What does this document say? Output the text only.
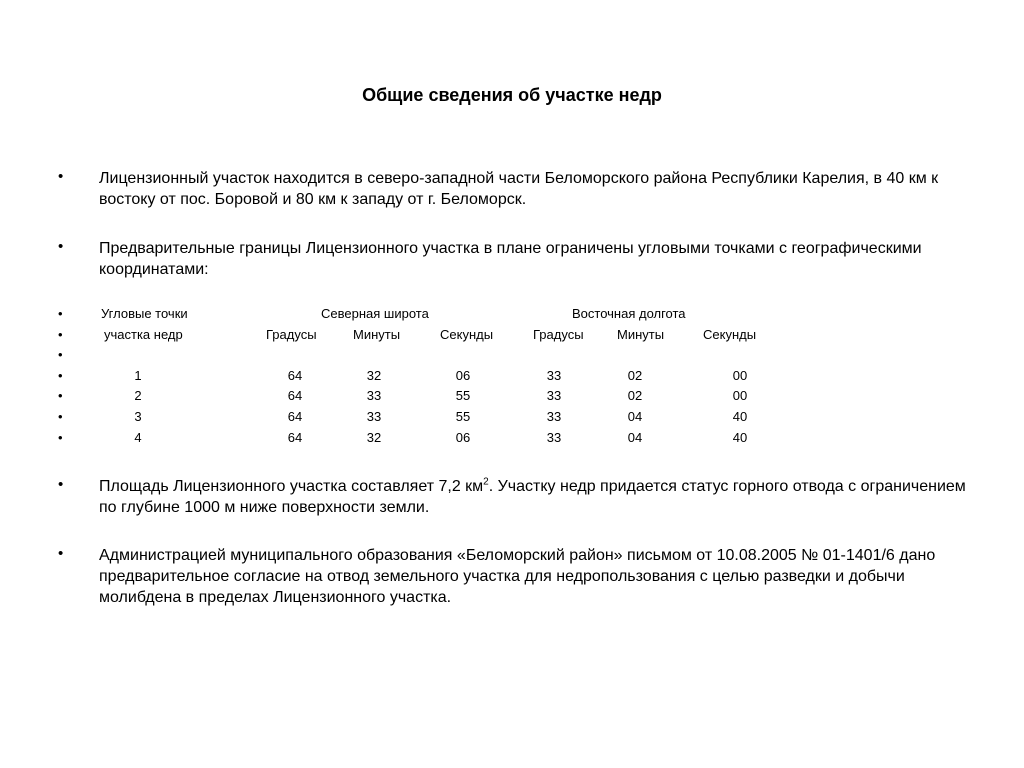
Общие сведения об участке недр
•	Лицензионный участок находится в северо-западной части Беломорского района Республики Карелия, в 40 км к востоку от пос. Боровой и 80 км к западу от г. Беломорск.
•	Предварительные границы Лицензионного участка в плане ограничены угловыми точками с географическими координатами:
•	Угловые точки	Северная широта	Восточная долгота
•	участка недр	Градусы	Минуты	Секунды	Градусы	Минуты	Секунды
•
•	1	64	32	06	33	02	00
•	2	64	33	55	33	02	00
•	3	64	33	55	33	04	40
•	4	64	32	06	33	04	40
•	Площадь Лицензионного участка составляет 7,2 $км^2$. Участку недр придается статус горного отвода с ограничением по глубине 1000 м ниже поверхности земли.
•	Администрацией муниципального образования «Беломорский район» письмом от 10.08.2005 № 01-1401/6 дано предварительное согласие на отвод земельного участка для недропользования с целью разведки и добычи молибдена в пределах Лицензионного участка.
